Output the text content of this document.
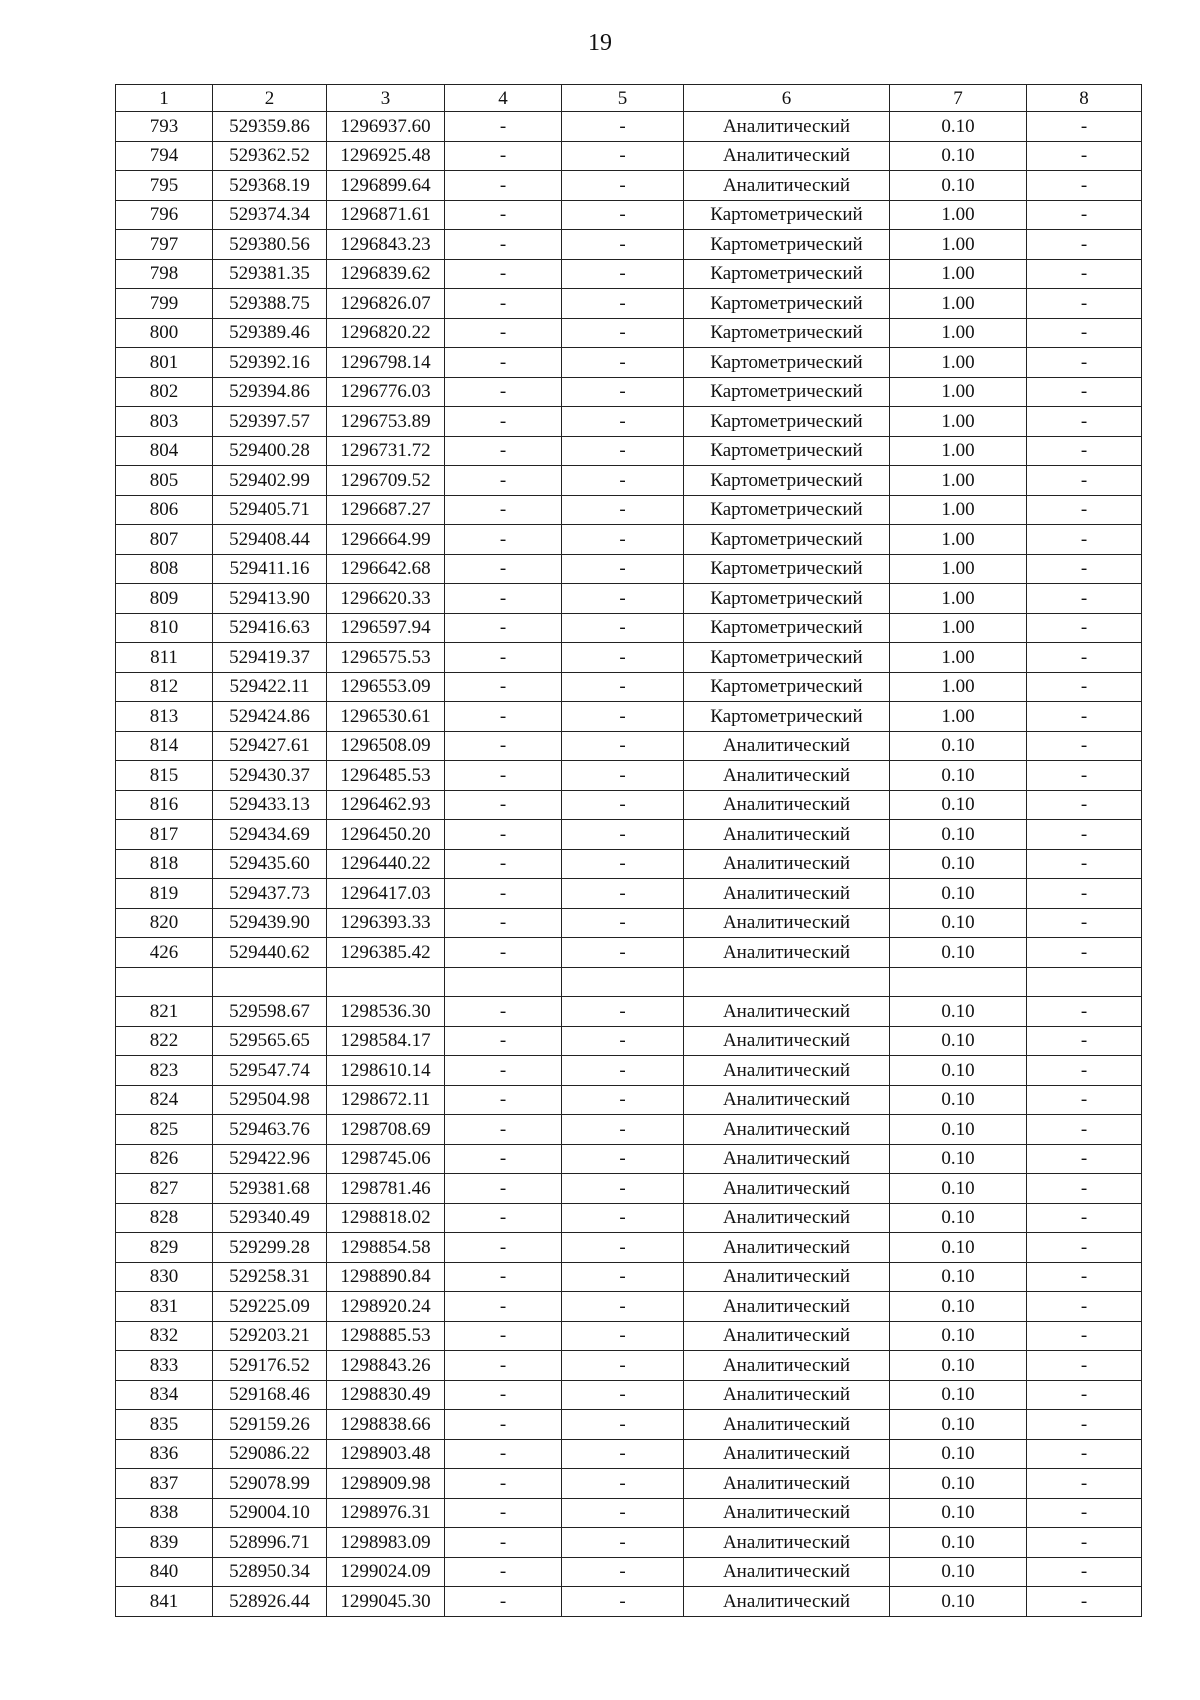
19
1	2	3	4	5	6	7	8
793	529359.86	1296937.60	-	-	Аналитический	0.10	-
794	529362.52	1296925.48	-	-	Аналитический	0.10	-
795	529368.19	1296899.64	-	-	Аналитический	0.10	-
796	529374.34	1296871.61	-	-	Картометрический	1.00	-
797	529380.56	1296843.23	-	-	Картометрический	1.00	-
798	529381.35	1296839.62	-	-	Картометрический	1.00	-
799	529388.75	1296826.07	-	-	Картометрический	1.00	-
800	529389.46	1296820.22	-	-	Картометрический	1.00	-
801	529392.16	1296798.14	-	-	Картометрический	1.00	-
802	529394.86	1296776.03	-	-	Картометрический	1.00	-
803	529397.57	1296753.89	-	-	Картометрический	1.00	-
804	529400.28	1296731.72	-	-	Картометрический	1.00	-
805	529402.99	1296709.52	-	-	Картометрический	1.00	-
806	529405.71	1296687.27	-	-	Картометрический	1.00	-
807	529408.44	1296664.99	-	-	Картометрический	1.00	-
808	529411.16	1296642.68	-	-	Картометрический	1.00	-
809	529413.90	1296620.33	-	-	Картометрический	1.00	-
810	529416.63	1296597.94	-	-	Картометрический	1.00	-
811	529419.37	1296575.53	-	-	Картометрический	1.00	-
812	529422.11	1296553.09	-	-	Картометрический	1.00	-
813	529424.86	1296530.61	-	-	Картометрический	1.00	-
814	529427.61	1296508.09	-	-	Аналитический	0.10	-
815	529430.37	1296485.53	-	-	Аналитический	0.10	-
816	529433.13	1296462.93	-	-	Аналитический	0.10	-
817	529434.69	1296450.20	-	-	Аналитический	0.10	-
818	529435.60	1296440.22	-	-	Аналитический	0.10	-
819	529437.73	1296417.03	-	-	Аналитический	0.10	-
820	529439.90	1296393.33	-	-	Аналитический	0.10	-
426	529440.62	1296385.42	-	-	Аналитический	0.10	-

821	529598.67	1298536.30	-	-	Аналитический	0.10	-
822	529565.65	1298584.17	-	-	Аналитический	0.10	-
823	529547.74	1298610.14	-	-	Аналитический	0.10	-
824	529504.98	1298672.11	-	-	Аналитический	0.10	-
825	529463.76	1298708.69	-	-	Аналитический	0.10	-
826	529422.96	1298745.06	-	-	Аналитический	0.10	-
827	529381.68	1298781.46	-	-	Аналитический	0.10	-
828	529340.49	1298818.02	-	-	Аналитический	0.10	-
829	529299.28	1298854.58	-	-	Аналитический	0.10	-
830	529258.31	1298890.84	-	-	Аналитический	0.10	-
831	529225.09	1298920.24	-	-	Аналитический	0.10	-
832	529203.21	1298885.53	-	-	Аналитический	0.10	-
833	529176.52	1298843.26	-	-	Аналитический	0.10	-
834	529168.46	1298830.49	-	-	Аналитический	0.10	-
835	529159.26	1298838.66	-	-	Аналитический	0.10	-
836	529086.22	1298903.48	-	-	Аналитический	0.10	-
837	529078.99	1298909.98	-	-	Аналитический	0.10	-
838	529004.10	1298976.31	-	-	Аналитический	0.10	-
839	528996.71	1298983.09	-	-	Аналитический	0.10	-
840	528950.34	1299024.09	-	-	Аналитический	0.10	-
841	528926.44	1299045.30	-	-	Аналитический	0.10	-
